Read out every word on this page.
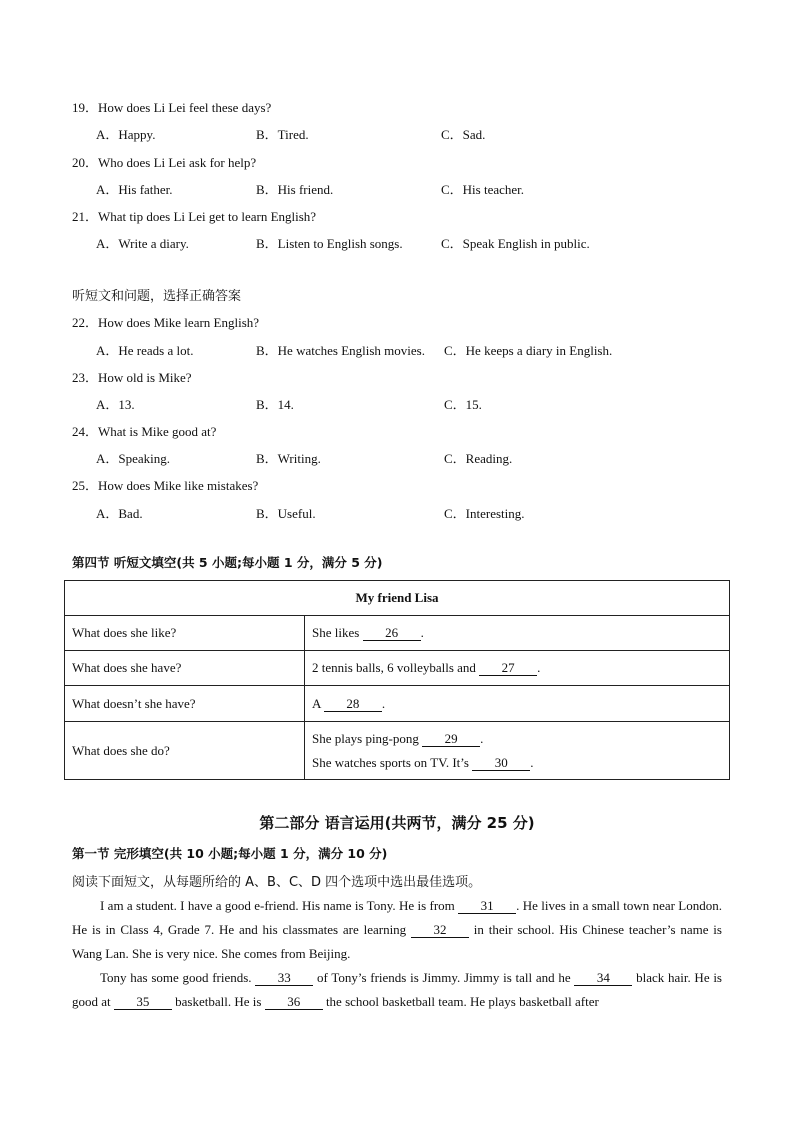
19．How does Li Lei feel these days?
A．Happy.	B．Tired.	C．Sad.
20．Who does Li Lei ask for help?
A．His father.	B．His friend.	C．His teacher.
21．What tip does Li Lei get to learn English?
A．Write a diary.	B．Listen to English songs.	C．Speak English in public.
听短文和问题，选择正确答案
22．How does Mike learn English?
A．He reads a lot.	B．He watches English movies. C．He keeps a diary in English.
23．How old is Mike?
A．13.	B．14.	C．15.
24．What is Mike good at?
A．Speaking.	B．Writing.	C．Reading.
25．How does Mike like mistakes?
A．Bad.	B．Useful.	C．Interesting.
第四节 听短文填空(共 5 小题;每小题 1 分，满分 5 分)
My friend Lisa	
What does she like?	She likes 26 .
What does she have?	2 tennis balls, 6 volleyballs and 27 .
What doesn’t she have?	A 28 .
What does she do?	She plays ping-pong 29 .
She watches sports on TV. It’s 30 .
第二部分 语言运用(共两节，满分 25 分)
第一节 完形填空(共 10 小题;每小题 1 分，满分 10 分)
阅读下面短文，从每题所给的 A、B、C、D 四个选项中选出最佳选项。
I am a student. I have a good e-friend. His name is Tony. He is from 31 . He lives in a small town near London. He is in Class 4, Grade 7. He and his classmates are learning 32 in their school. His Chinese teacher’s name is Wang Lan. She is very nice. She comes from Beijing.
Tony has some good friends. 33 of Tony’s friends is Jimmy. Jimmy is tall and he 34 black hair. He is good at 35 basketball. He is 36 the school basketball team. He plays basketball after
